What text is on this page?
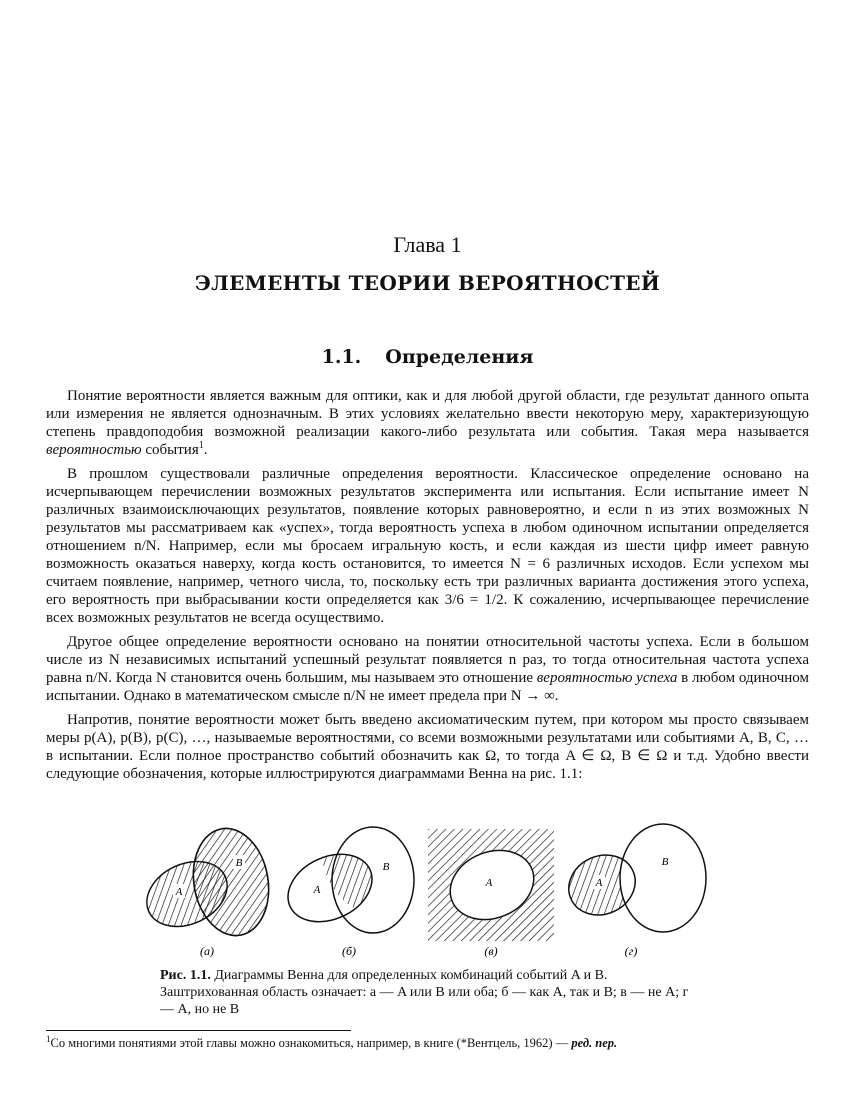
Глава 1
ЭЛЕМЕНТЫ ТЕОРИИ ВЕРОЯТНОСТЕЙ
1.1. Определения

Понятие вероятности является важным для оптики, как и для любой другой области, где результат данного опыта или измерения не является однозначным. В этих условиях желательно ввести некоторую меру, характеризующую степень правдоподобия возможной реализации какого-либо результата или события. Такая мера называется вероятностью события$^1$.

В прошлом существовали различные определения вероятности. Классическое определение основано на исчерпывающем перечислении возможных результатов эксперимента или испытания. Если испытание имеет N различных взаимоисключающих результатов, появление которых равновероятно, и если n из этих возможных N результатов мы рассматриваем как «успех», тогда вероятность успеха в любом одиночном испытании определяется отношением n/N. Например, если мы бросаем игральную кость, и если каждая из шести цифр имеет равную возможность оказаться наверху, когда кость остановится, то имеется N = 6 различных исходов. Если успехом мы считаем появление, например, четного числа, то, поскольку есть три различных варианта достижения этого успеха, его вероятность при выбрасывании кости определяется как 3/6 = 1/2. К сожалению, исчерпывающее перечисление всех возможных результатов не всегда осуществимо.

Другое общее определение вероятности основано на понятии относительной частоты успеха. Если в большом числе из N независимых испытаний успешный результат появляется n раз, то тогда относительная частота успеха равна n/N. Когда N становится очень большим, мы называем это отношение вероятностью успеха в любом одиночном испытании. Однако в математическом смысле n/N не имеет предела при N → ∞.

Напротив, понятие вероятности может быть введено аксиоматическим путем, при котором мы просто связываем меры p(A), p(B), p(C), …, называемые вероятностями, со всеми возможными результатами или событиями A, B, C, … в испытании. Если полное пространство событий обозначить как Ω, то тогда A ∈ Ω, B ∈ Ω и т.д. Удобно ввести следующие обозначения, которые иллюстрируются диаграммами Венна на рис. 1.1:

A
B
(а)
A
B
(б)
A
(в)
A
B
(г)
Рис. 1.1. Диаграммы Венна для определенных комбинаций событий A и B. Заштрихованная область означает: а — A или B или оба; б — как A, так и B; в — не A; г — A, но не B
$^1$Со многими понятиями этой главы можно ознакомиться, например, в книге (*Вентцель, 1962) — ред. пер.
